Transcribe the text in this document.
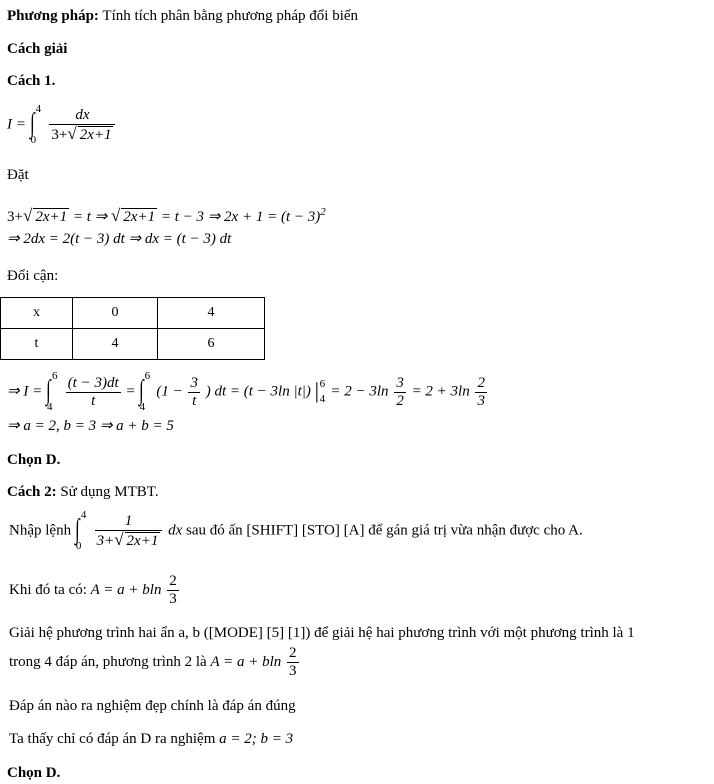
Phương pháp: Tính tích phân bằng phương pháp đổi biến
Cách giải
Cách 1.
I = ∫ 4
0
$\frac{dx}{3+√ 2x+1}$
Đặt
3+√ 2x+1 = t ⇒ √ 2x+1 = t − 3 ⇒ $2x + 1 = (t - 3)^2$
⇒ 2dx = 2(t − 3) dt ⇒ dx = (t − 3) dt
Đổi cận:
x	0	4
t	4	6
⇒ I = ∫ 6
4
$\frac{(t - 3)dt}{t}$ = ∫ 6
4
($1 - \frac{3}{t}$ ) dt = (t − 3ln |t|) | 6
$4 = 2 - 3\ln \frac{3}{2} = 2 + 3\ln \frac{2}{3}$
⇒ a = 2, b = 3 ⇒ a + b = 5
Chọn D.
Cách 2: Sử dụng MTBT.
Nhập lệnh ∫ 4
0
$\frac{1}{3+√ 2x+1}$ dx sau đó ấn [SHIFT] [STO] [A] để gán giá trị vừa nhận được cho A.
Khi đó ta có: A = a + bln $\frac{2}{3}$
Giải hệ phương trình hai ẩn a, b ([MODE] [5] [1]) để giải hệ hai phương trình với một phương trình là 1
trong 4 đáp án, phương trình 2 là A = a + bln $\frac{2}{3}$
Đáp án nào ra nghiệm đẹp chính là đáp án đúng
Ta thấy chỉ có đáp án D ra nghiệm a = 2; b = 3
Chọn D.
